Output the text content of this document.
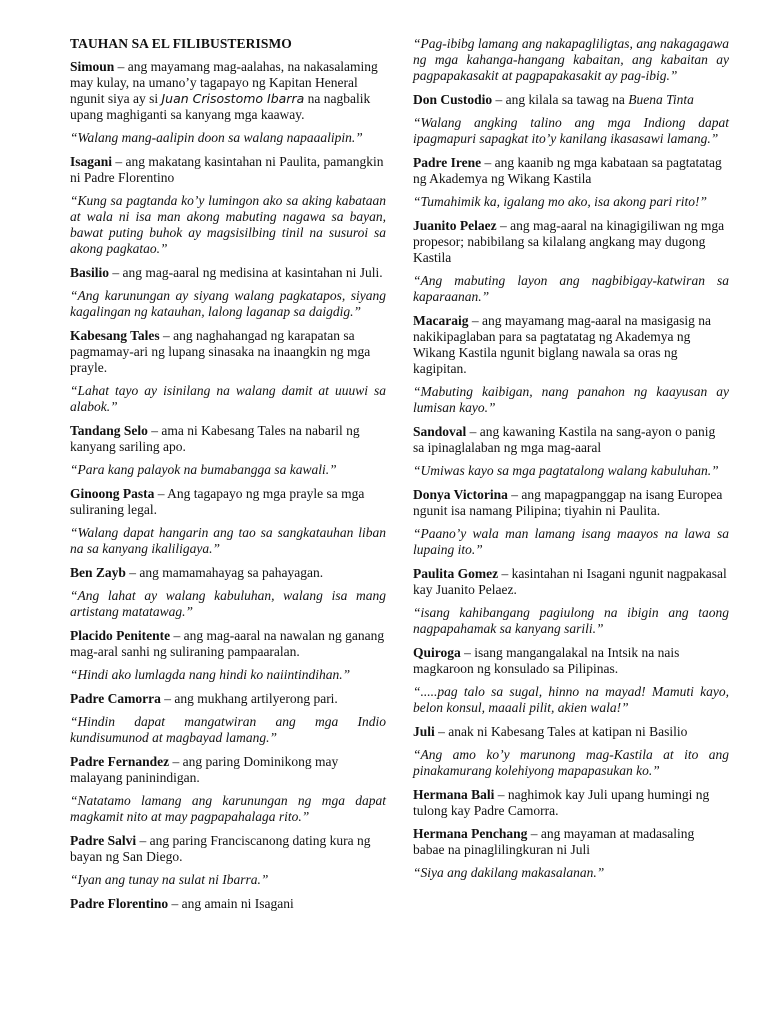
TAUHAN SA EL FILIBUSTERISMO
Simoun – ang mayamang mag-aalahas, na nakasalaming may kulay, na umano’y tagapayo ng Kapitan Heneral ngunit siya ay si Juan Crisostomo Ibarra na nagbalik upang maghiganti sa kanyang mga kaaway.
“Walang mang-aalipin doon sa walang napaaalipin.”
Isagani – ang makatang kasintahan ni Paulita, pamangkin ni Padre Florentino
“Kung sa pagtanda ko’y lumingon ako sa aking kabataan at wala ni isa man akong mabuting nagawa sa bayan, bawat puting buhok ay magsisilbing tinil na susuroi sa akong pagkatao.”
Basilio – ang mag-aaral ng medisina at kasintahan ni Juli.
“Ang karunungan ay siyang walang pagkatapos, siyang kagalingan ng katauhan, lalong laganap sa daigdig.”
Kabesang Tales – ang naghahangad ng karapatan sa pagmamay-ari ng lupang sinasaka na inaangkin ng mga prayle.
“Lahat tayo ay isinilang na walang damit at uuuwi sa alabok.”
Tandang Selo – ama ni Kabesang Tales na nabaril ng kanyang sariling apo.
“Para kang palayok na bumabangga sa kawali.”
Ginoong Pasta – Ang tagapayo ng mga prayle sa mga suliraning legal.
“Walang dapat hangarin ang tao sa sangkatauhan liban na sa kanyang ikaliligaya.”
Ben Zayb – ang mamamahayag sa pahayagan.
“Ang lahat ay walang kabuluhan, walang isa mang artistang matatawag.”
Placido Penitente – ang mag-aaral na nawalan ng ganang mag-aral sanhi ng suliraning pampaaralan.
“Hindi ako lumlagda nang hindi ko naiintindihan.”
Padre Camorra – ang mukhang artilyerong pari.
“Hindin dapat mangatwiran ang mga Indio kundisumunod at magbayad lamang.”
Padre Fernandez – ang paring Dominikong may malayang paninindigan.
“Natatamo lamang ang karunungan ng mga dapat magkamit nito at may pagpapahalaga rito.”
Padre Salvi – ang paring Franciscanong dating kura ng bayan ng San Diego.
“Iyan ang tunay na sulat ni Ibarra.”
Padre Florentino – ang amain ni Isagani
“Pag-ibibg lamang ang nakapagliligtas, ang nakagagawa ng mga kahanga-hangang kabaitan, ang kabaitan ay pagpapakasakit at pagpapakasakit ay pag-ibig.”
Don Custodio – ang kilala sa tawag na Buena Tinta
“Walang angking talino ang mga Indiong dapat ipagmapuri sapagkat ito’y kanilang ikasasawi lamang.”
Padre Irene – ang kaanib ng mga kabataan sa pagtatatag ng Akademya ng Wikang Kastila
“Tumahimik ka, igalang mo ako, isa akong pari rito!”
Juanito Pelaez – ang mag-aaral na kinagigiliwan ng mga propesor; nabibilang sa kilalang angkang may dugong Kastila
“Ang mabuting layon ang nagbibigay-katwiran sa kaparaanan.”
Macaraig – ang mayamang mag-aaral na masigasig na nakikipaglaban para sa pagtatatag ng Akademya ng Wikang Kastila ngunit biglang nawala sa oras ng kagipitan.
“Mabuting kaibigan, nang panahon ng kaayusan ay lumisan kayo.”
Sandoval – ang kawaning Kastila na sang-ayon o panig sa ipinaglalaban ng mga mag-aaral
“Umiwas kayo sa mga pagtatalong walang kabuluhan.”
Donya Victorina – ang mapagpanggap na isang Europea ngunit isa namang Pilipina; tiyahin ni Paulita.
“Paano’y wala man lamang isang maayos na lawa sa lupaing ito.”
Paulita Gomez – kasintahan ni Isagani ngunit nagpakasal kay Juanito Pelaez.
“isang kahibangang pagiulong na ibigin ang taong nagpapahamak sa kanyang sarili.”
Quiroga – isang mangangalakal na Intsik na nais magkaroon ng konsulado sa Pilipinas.
“.....pag talo sa sugal, hinno na mayad! Mamuti kayo, belon konsul, maaali pilit, akien wala!”
Juli – anak ni Kabesang Tales at katipan ni Basilio
“Ang amo ko’y marunong mag-Kastila at ito ang pinakamurang kolehiyong mapapasukan ko.”
Hermana Bali – naghimok kay Juli upang humingi ng tulong kay Padre Camorra.
Hermana Penchang – ang mayaman at madasaling babae na pinaglilingkuran ni Juli
“Siya ang dakilang makasalanan.”
